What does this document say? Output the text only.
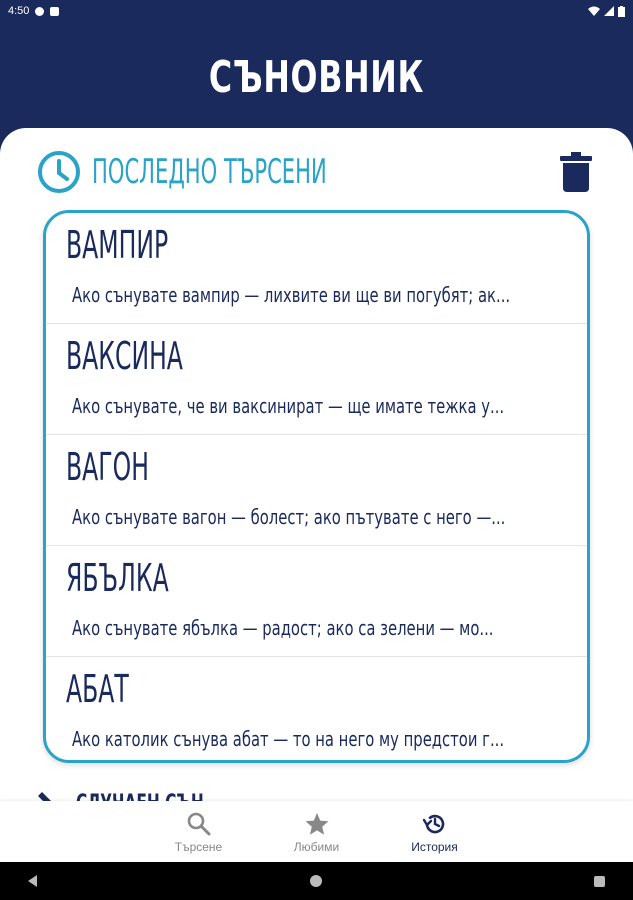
4:50
СЪНОВНИК
ПОСЛЕДНО ТЪРСЕНИ
ВАМПИР
Ако сънувате вампир — лихвите ви ще ви погубят; ак...
ВАКСИНА
Ако сънувате, че ви ваксинират — ще имате тежка у...
ВАГОН
Ако сънувате вагон — болест; ако пътувате с него —...
ЯБЪЛКА
Ако сънувате ябълка — радост; ако са зелени — мо...
АБАТ
Ако католик сънува абат — то на него му предстои г...
Търсене	Любими	История
